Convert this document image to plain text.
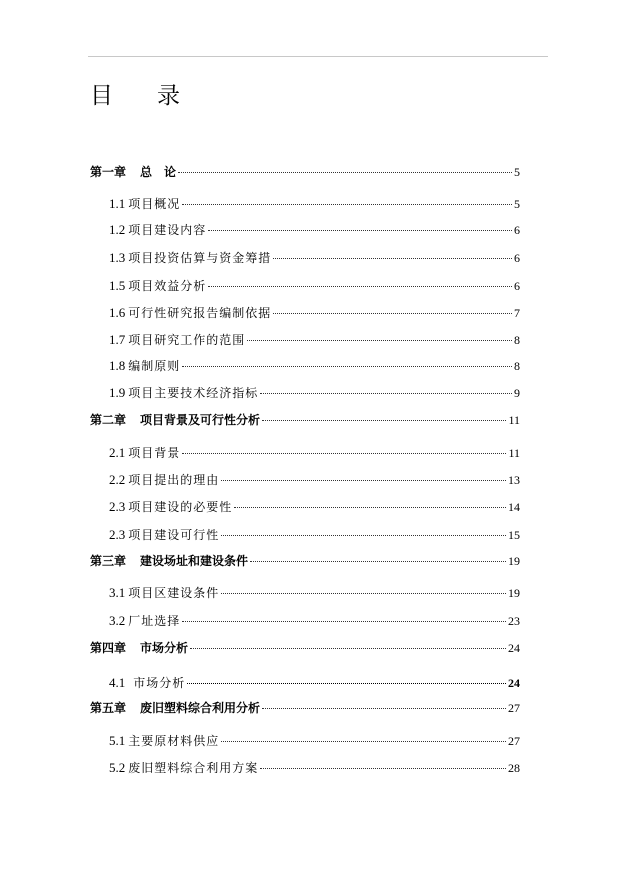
目 录
第一章 总　论	5
1.1 项目概况	5
1.2 项目建设内容	6
1.3 项目投资估算与资金筹措	6
1.5 项目效益分析	6
1.6 可行性研究报告编制依据	7
1.7 项目研究工作的范围	8
1.8 编制原则	8
1.9 项目主要技术经济指标	9
第二章 项目背景及可行性分析	11
2.1 项目背景	11
2.2 项目提出的理由	13
2.3 项目建设的必要性	14
2.3 项目建设可行性	15
第三章 建设场址和建设条件	19
3.1 项目区建设条件	19
3.2 厂址选择	23
第四章 市场分析	24
4.1 市场分析	24
第五章 废旧塑料综合利用分析	27
5.1 主要原材料供应	27
5.2 废旧塑料综合利用方案	28
